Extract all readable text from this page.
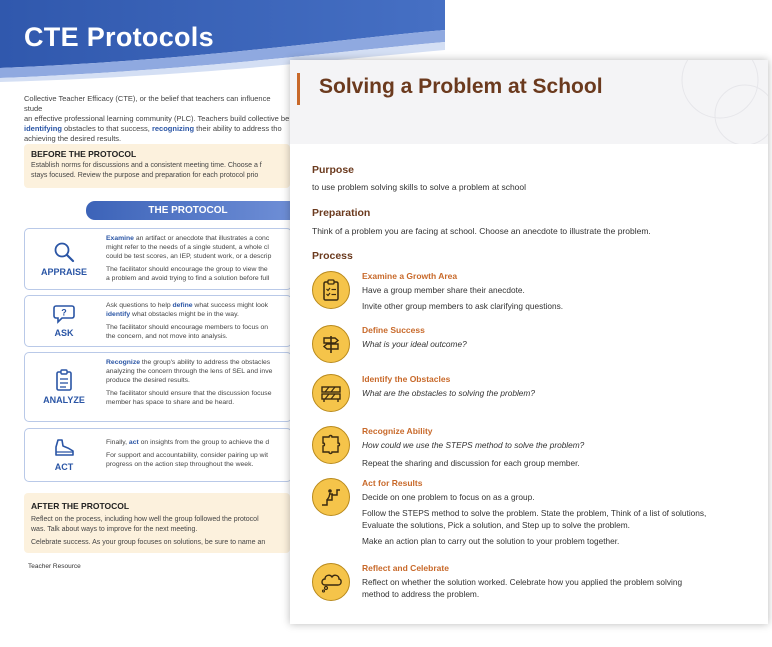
CTE Protocols
Collective Teacher Efficacy (CTE), or the belief that teachers can influence stude
an effective professional learning community (PLC). Teachers build collective be
identifying obstacles to that success, recognizing their ability to address tho
achieving the desired results.
BEFORE THE PROTOCOL
Establish norms for discussions and a consistent meeting time. Choose a f
stays focused. Review the purpose and preparation for each protocol prio
THE PROTOCOL
APPRAISE

Examine an artifact or anecdote that illustrates a conc
might refer to the needs of a single student, a whole cl
could be test scores, an IEP, student work, or a descrip

The facilitator should encourage the group to view the
a problem and avoid trying to find a solution before full

?
ASK

Ask questions to help define what success might look
identify what obstacles might be in the way.

The facilitator should encourage members to focus on
the concern, and not move into analysis.

ANALYZE

Recognize the group's ability to address the obstacles
analyzing the concern through the lens of SEL and inve
produce the desired results.

The facilitator should ensure that the discussion focuse
member has space to share and be heard.

ACT

Finally, act on insights from the group to achieve the d

For support and accountability, consider pairing up wit
progress on the action step throughout the week.

AFTER THE PROTOCOL
Reflect on the process, including how well the group followed the protocol
was. Talk about ways to improve for the next meeting.
Celebrate success. As your group focuses on solutions, be sure to name an
Teacher Resource
Solving a Problem at School
Purpose
to use problem solving skills to solve a problem at school
Preparation
Think of a problem you are facing at school. Choose an anecdote to illustrate the problem.
Process
Examine a Growth Area
Have a group member share their anecdote.
Invite other group members to ask clarifying questions.
Define Success
What is your ideal outcome?
Identify the Obstacles
What are the obstacles to solving the problem?
Recognize Ability
How could we use the STEPS method to solve the problem?
Repeat the sharing and discussion for each group member.
Act for Results
Decide on one problem to focus on as a group.
Follow the STEPS method to solve the problem. State the problem, Think of a list of solutions,
Evaluate the solutions, Pick a solution, and Step up to solve the problem.
Make an action plan to carry out the solution to your problem together.
Reflect and Celebrate
Reflect on whether the solution worked. Celebrate how you applied the problem solving
method to address the problem.
